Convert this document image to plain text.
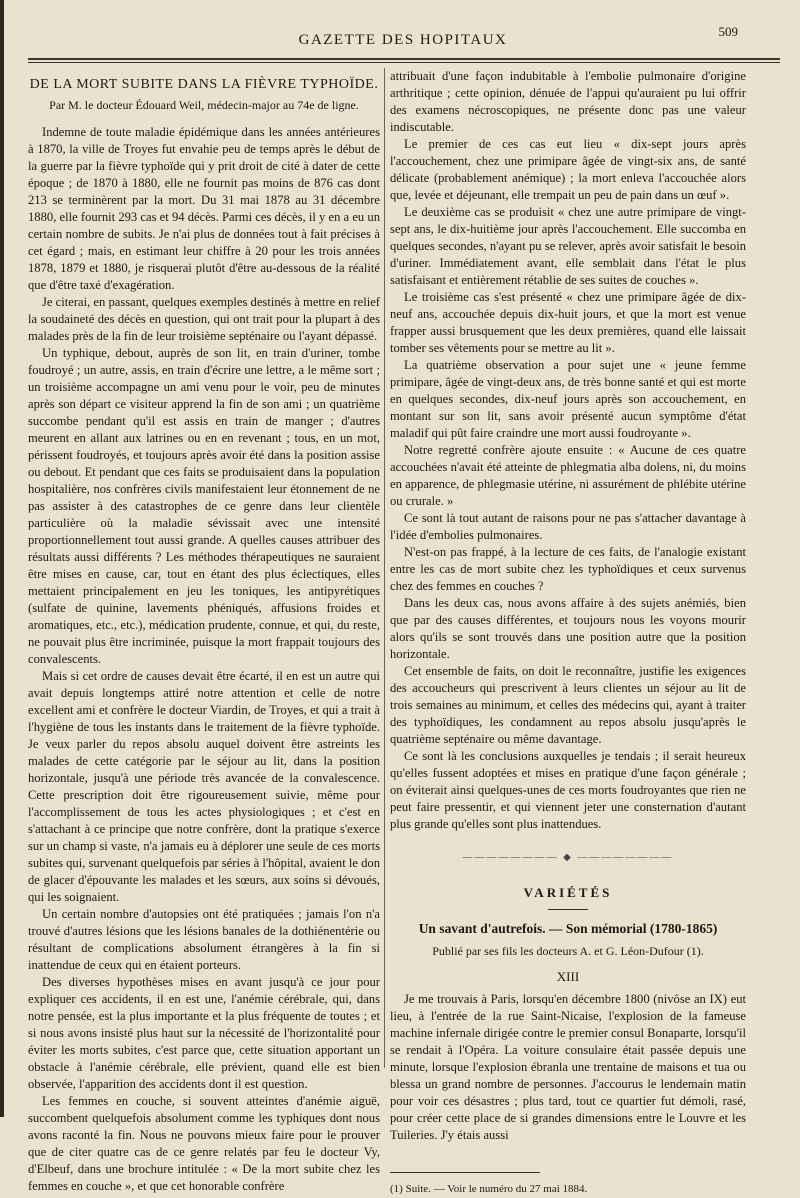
GAZETTE DES HOPITAUX
509
DE LA MORT SUBITE DANS LA FIÈVRE TYPHOÏDE.
Par M. le docteur Édouard Weil, médecin-major au 74e de ligne.

Indemne de toute maladie épidémique dans les années antérieures à 1870, la ville de Troyes fut envahie peu de temps après le début de la guerre par la fièvre typhoïde qui y prit droit de cité à dater de cette époque ; de 1870 à 1880, elle ne fournit pas moins de 876 cas dont 213 se terminèrent par la mort. Du 31 mai 1878 au 31 décembre 1880, elle fournit 293 cas et 94 décès. Parmi ces décès, il y en a eu un certain nombre de subits. Je n'ai plus de données tout à fait précises à cet égard ; mais, en estimant leur chiffre à 20 pour les trois années 1878, 1879 et 1880, je risquerai plutôt d'être au-dessous de la réalité que d'être taxé d'exagération.

Je citerai, en passant, quelques exemples destinés à mettre en relief la soudaineté des décès en question, qui ont trait pour la plupart à des malades près de la fin de leur troisième septénaire ou l'ayant dépassé.

Un typhique, debout, auprès de son lit, en train d'uriner, tombe foudroyé ; un autre, assis, en train d'écrire une lettre, a le même sort ; un troisième accompagne un ami venu pour le voir, peu de minutes après son départ ce visiteur apprend la fin de son ami ; un quatrième succombe pendant qu'il est assis en train de manger ; d'autres meurent en allant aux latrines ou en en revenant ; tous, en un mot, périssent foudroyés, et toujours après avoir été dans la position assise ou debout. Et pendant que ces faits se produisaient dans la population hospitalière, nos confrères civils manifestaient leur étonnement de ne pas assister à des catastrophes de ce genre dans leur clientèle particulière où la maladie sévissait avec une intensité proportionnellement tout aussi grande. A quelles causes attribuer des résultats aussi différents ? Les méthodes thérapeutiques ne sauraient être mises en cause, car, tout en étant des plus éclectiques, elles mettaient principalement en jeu les toniques, les antipyrétiques (sulfate de quinine, lavements phéniqués, affusions froides et aromatiques, etc., etc.), médication prudente, connue, et qui, du reste, ne pouvait plus être incriminée, puisque la mort frappait toujours des convalescents.

Mais si cet ordre de causes devait être écarté, il en est un autre qui avait depuis longtemps attiré notre attention et celle de notre excellent ami et confrère le docteur Viardin, de Troyes, et qui a trait à l'hygiène de tous les instants dans le traitement de la fièvre typhoïde. Je veux parler du repos absolu auquel doivent être astreints les malades de cette catégorie par le séjour au lit, dans la position horizontale, jusqu'à une période très avancée de la convalescence. Cette prescription doit être rigoureusement suivie, même pour l'accomplissement de tous les actes physiologiques ; et c'est en s'attachant à ce principe que notre confrère, dont la pratique s'exerce sur un champ si vaste, n'a jamais eu à déplorer une seule de ces morts subites qui, survenant quelquefois par séries à l'hôpital, avaient le don de glacer d'épouvante les malades et les sœurs, aux soins si dévoués, qui les soignaient.

Un certain nombre d'autopsies ont été pratiquées ; jamais l'on n'a trouvé d'autres lésions que les lésions banales de la dothiénentérie ou résultant de complications absolument étrangères à la fin si inattendue de ceux qui en étaient porteurs.

Des diverses hypothèses mises en avant jusqu'à ce jour pour expliquer ces accidents, il en est une, l'anémie cérébrale, qui, dans notre pensée, est la plus importante et la plus fréquente de toutes ; et si nous avons insisté plus haut sur la nécessité de l'horizontalité pour éviter les morts subites, c'est parce que, cette situation apportant un obstacle à l'anémie cérébrale, elle prévient, quand elle est bien observée, l'apparition des accidents dont il est question.

Les femmes en couche, si souvent atteintes d'anémie aiguë, succombent quelquefois absolument comme les typhiques dont nous avons raconté la fin. Nous ne pouvons mieux faire pour le prouver que de citer quatre cas de ce genre relatés par feu le docteur Vy, d'Elbeuf, dans une brochure intitulée : « De la mort subite chez les femmes en couche », et que cet honorable confrère

attribuait d'une façon indubitable à l'embolie pulmonaire d'origine arthritique ; cette opinion, dénuée de l'appui qu'auraient pu lui offrir des examens nécroscopiques, ne présente donc pas une valeur indiscutable.

Le premier de ces cas eut lieu « dix-sept jours après l'accouchement, chez une primipare âgée de vingt-six ans, de santé délicate (probablement anémique) ; la mort enleva l'accouchée alors que, levée et déjeunant, elle trempait un peu de pain dans un œuf ».

Le deuxième cas se produisit « chez une autre primipare de vingt-sept ans, le dix-huitième jour après l'accouchement. Elle succomba en quelques secondes, n'ayant pu se relever, après avoir satisfait le besoin d'uriner. Immédiatement avant, elle semblait dans l'état le plus satisfaisant et entièrement rétablie de ses suites de couches ».

Le troisième cas s'est présenté « chez une primipare âgée de dix-neuf ans, accouchée depuis dix-huit jours, et que la mort est venue frapper aussi brusquement que les deux premières, quand elle laissait tomber ses vêtements pour se mettre au lit ».

La quatrième observation a pour sujet une « jeune femme primipare, âgée de vingt-deux ans, de très bonne santé et qui est morte en quelques secondes, dix-neuf jours après son accouchement, en montant sur son lit, sans avoir présenté aucun symptôme d'état maladif qui pût faire craindre une mort aussi foudroyante ».

Notre regretté confrère ajoute ensuite : « Aucune de ces quatre accouchées n'avait été atteinte de phlegmatia alba dolens, ni, du moins en apparence, de phlegmasie utérine, ni assurément de phlébite utérine ou crurale. »

Ce sont là tout autant de raisons pour ne pas s'attacher davantage à l'idée d'embolies pulmonaires.

N'est-on pas frappé, à la lecture de ces faits, de l'analogie existant entre les cas de mort subite chez les typhoïdiques et ceux survenus chez des femmes en couches ?

Dans les deux cas, nous avons affaire à des sujets anémiés, bien que par des causes différentes, et toujours nous les voyons mourir alors qu'ils se sont trouvés dans une position autre que la position horizontale.

Cet ensemble de faits, on doit le reconnaître, justifie les exigences des accoucheurs qui prescrivent à leurs clientes un séjour au lit de trois semaines au minimum, et celles des médecins qui, ayant à traiter des typhoïdiques, les condamnent au repos absolu jusqu'après le quatrième septénaire ou même davantage.

Ce sont là les conclusions auxquelles je tendais ; il serait heureux qu'elles fussent adoptées et mises en pratique d'une façon générale ; on éviterait ainsi quelques-unes de ces morts foudroyantes que rien ne peut faire pressentir, et qui viennent jeter une consternation d'autant plus grande qu'elles sont plus inattendues.

———————— ◆ ————————
VARIÉTÉS
Un savant d'autrefois. — Son mémorial (1780-1865)
Publié par ses fils les docteurs A. et G. Léon-Dufour (1).
XIII

Je me trouvais à Paris, lorsqu'en décembre 1800 (nivôse an IX) eut lieu, à l'entrée de la rue Saint-Nicaise, l'explosion de la fameuse machine infernale dirigée contre le premier consul Bonaparte, lorsqu'il se rendait à l'Opéra. La voiture consulaire était passée depuis une minute, lorsque l'explosion ébranla une trentaine de maisons et tua ou blessa un grand nombre de personnes. J'accourus le lendemain matin pour voir ces désastres ; plus tard, tout ce quartier fut démoli, rasé, pour créer cette place de si grandes dimensions entre le Louvre et les Tuileries. J'y étais aussi

(1) Suite. — Voir le numéro du 27 mai 1884.
